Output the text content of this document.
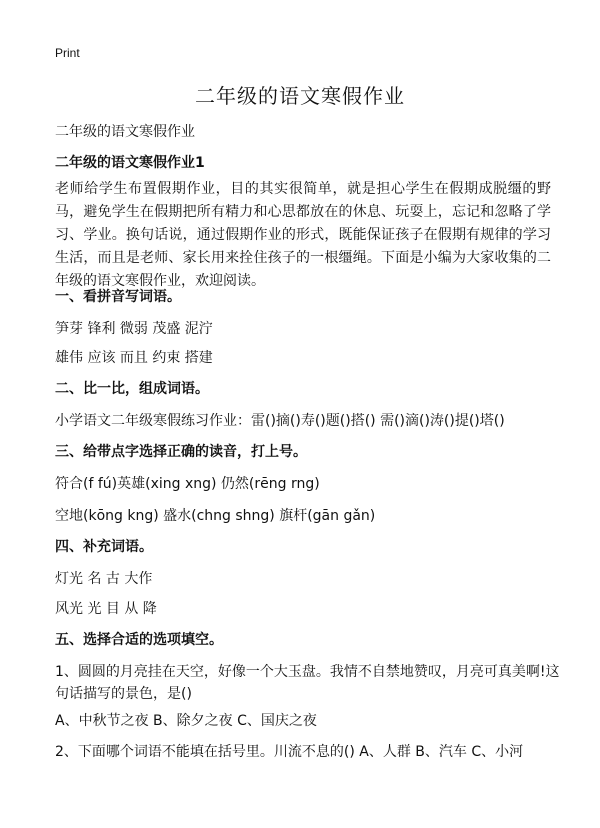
Print
二年级的语文寒假作业
二年级的语文寒假作业
二年级的语文寒假作业1
老师给学生布置假期作业，目的其实很简单，就是担心学生在假期成脱缰的野马，避免学生在假期把所有精力和心思都放在的休息、玩耍上，忘记和忽略了学习、学业。换句话说，通过假期作业的形式，既能保证孩子在假期有规律的学习生活，而且是老师、家长用来拴住孩子的一根缰绳。下面是小编为大家收集的二年级的语文寒假作业，欢迎阅读。
一、看拼音写词语。
笋芽 锋利 微弱 茂盛 泥泞
雄伟 应该 而且 约束 搭建
二、比一比，组成词语。
小学语文二年级寒假练习作业：雷()摘()寿()题()搭() 需()滴()涛()提()塔()
三、给带点字选择正确的读音，打上号。
符合(f fú)英雄(xing xng) 仍然(rēng rng)
空地(kōng kng) 盛水(chng shng) 旗杆(gān gǎn)
四、补充词语。
灯光 名 古 大作
风光 光 目 从 降
五、选择合适的选项填空。
1、圆圆的月亮挂在天空，好像一个大玉盘。我情不自禁地赞叹，月亮可真美啊!这
句话描写的景色，是()
A、中秋节之夜 B、除夕之夜 C、国庆之夜
2、下面哪个词语不能填在括号里。川流不息的() A、人群 B、汽车 C、小河
